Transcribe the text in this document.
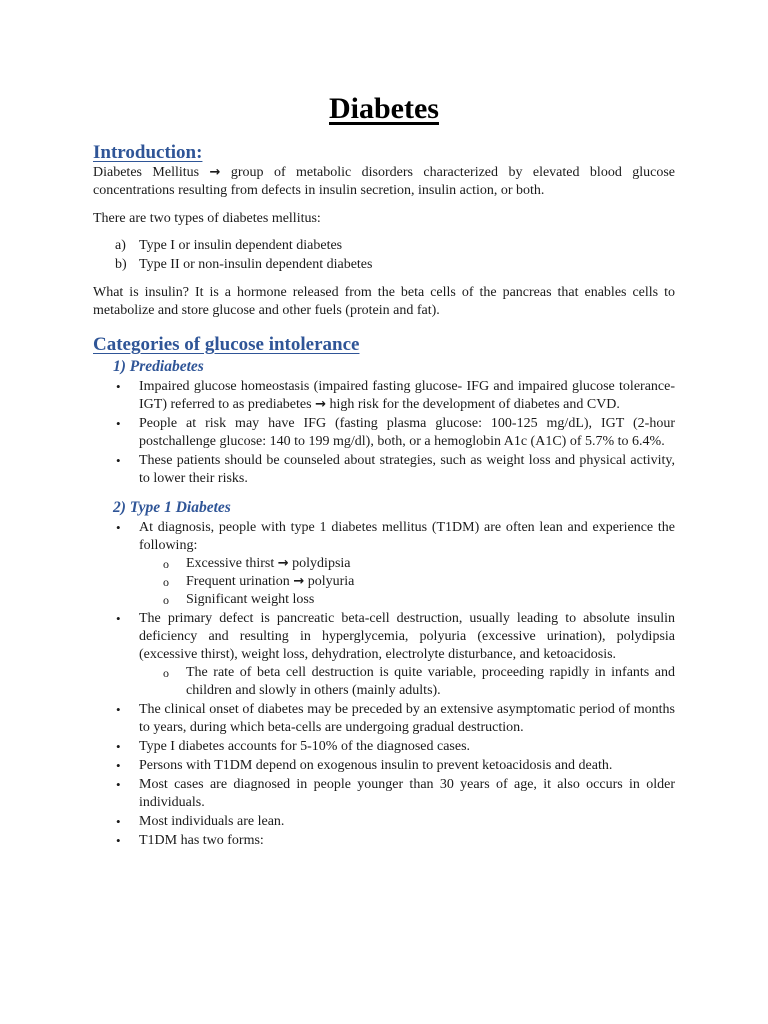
Diabetes
Introduction:

Diabetes Mellitus → group of metabolic disorders characterized by elevated blood glucose concentrations resulting from defects in insulin secretion, insulin action, or both.

There are two types of diabetes mellitus:

a) Type I or insulin dependent diabetes
b) Type II or non-insulin dependent diabetes

What is insulin? It is a hormone released from the beta cells of the pancreas that enables cells to metabolize and store glucose and other fuels (protein and fat).

Categories of glucose intolerance
1) Prediabetes
• Impaired glucose homeostasis (impaired fasting glucose- IFG and impaired glucose tolerance- IGT) referred to as prediabetes → high risk for the development of diabetes and CVD.
• People at risk may have IFG (fasting plasma glucose: 100-125 mg/dL), IGT (2-hour postchallenge glucose: 140 to 199 mg/dl), both, or a hemoglobin A1c (A1C) of 5.7% to 6.4%.
• These patients should be counseled about strategies, such as weight loss and physical activity, to lower their risks.
2) Type 1 Diabetes
• At diagnosis, people with type 1 diabetes mellitus (T1DM) are often lean and experience the following:
o Excessive thirst → polydipsia
o Frequent urination → polyuria
o Significant weight loss
• The primary defect is pancreatic beta-cell destruction, usually leading to absolute insulin deficiency and resulting in hyperglycemia, polyuria (excessive urination), polydipsia (excessive thirst), weight loss, dehydration, electrolyte disturbance, and ketoacidosis.
o The rate of beta cell destruction is quite variable, proceeding rapidly in infants and children and slowly in others (mainly adults).
• The clinical onset of diabetes may be preceded by an extensive asymptomatic period of months to years, during which beta-cells are undergoing gradual destruction.
• Type I diabetes accounts for 5-10% of the diagnosed cases.
• Persons with T1DM depend on exogenous insulin to prevent ketoacidosis and death.
• Most cases are diagnosed in people younger than 30 years of age, it also occurs in older individuals.
• Most individuals are lean.
• T1DM has two forms:
